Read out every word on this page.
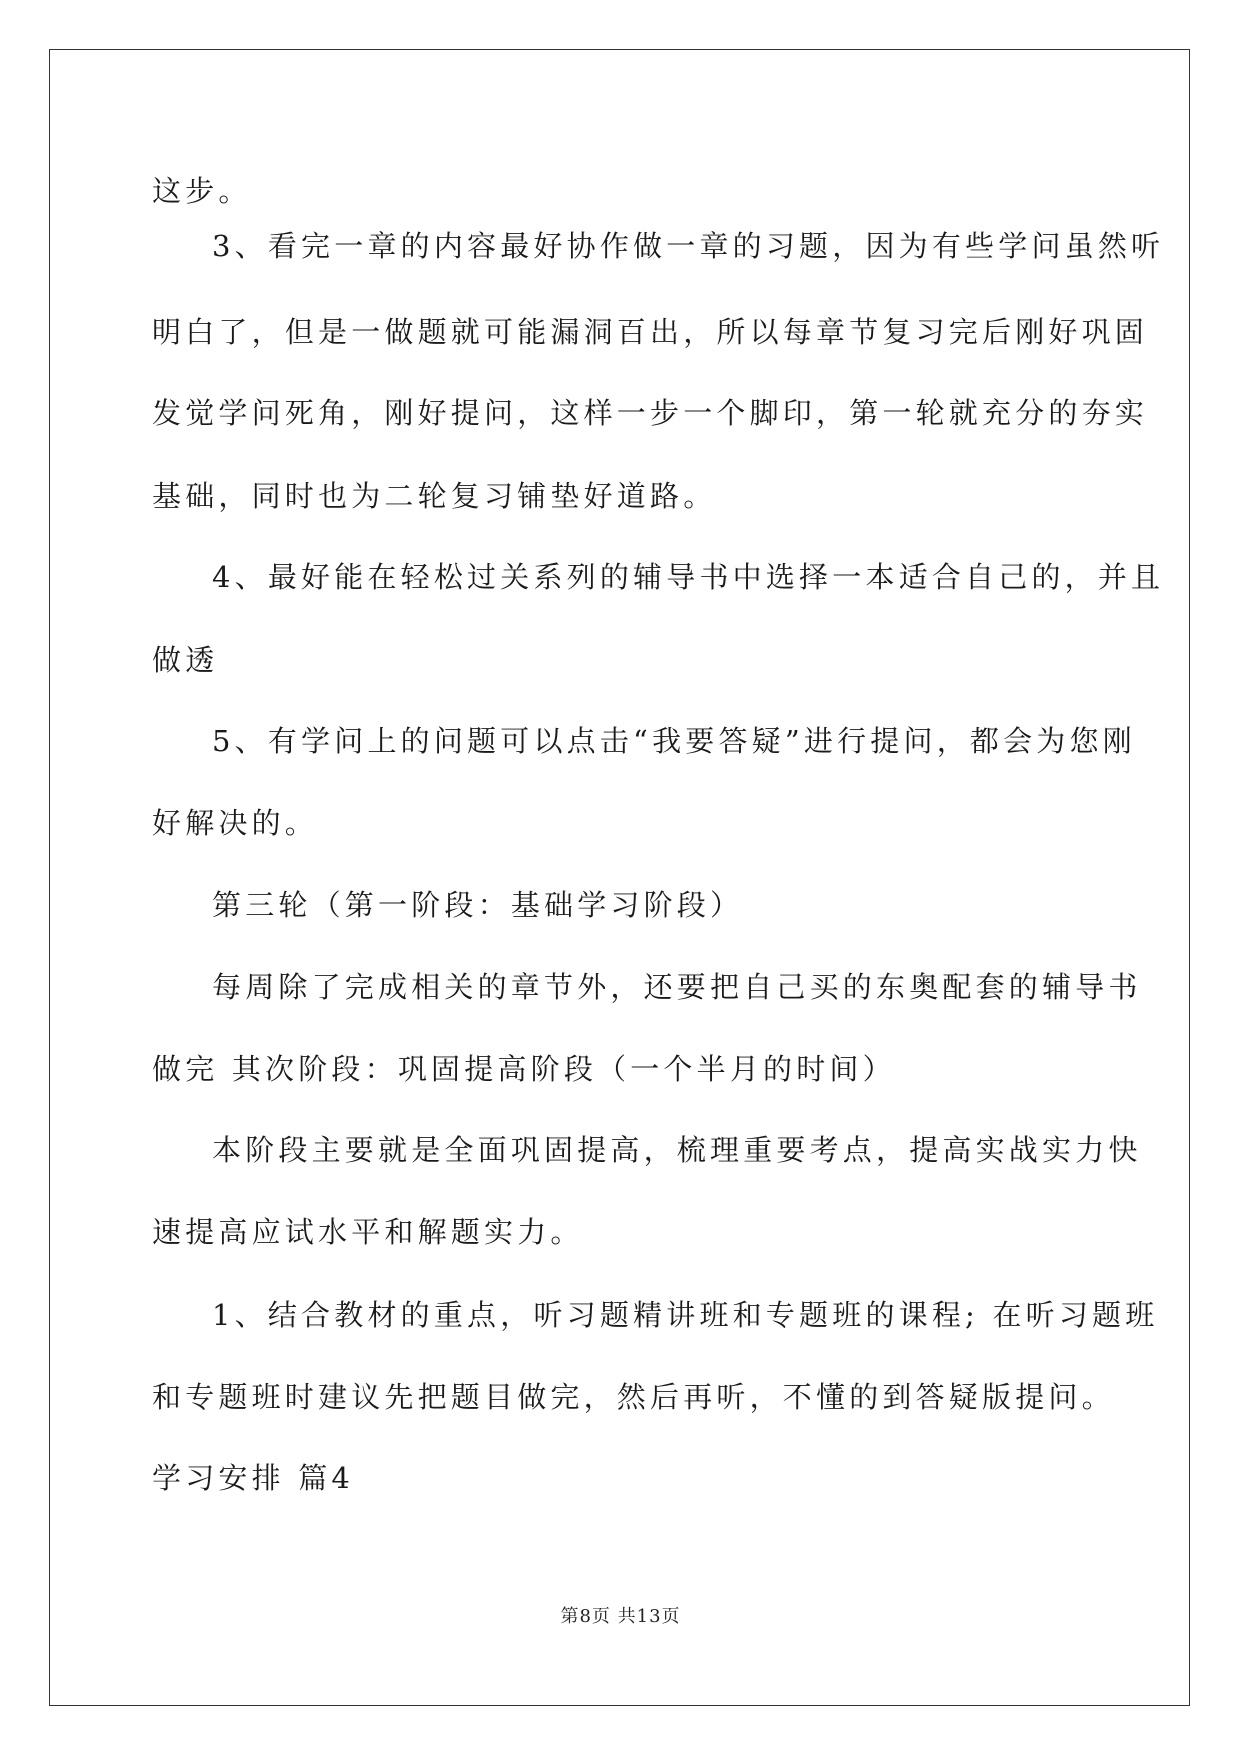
这步。
3、看完一章的内容最好协作做一章的习题，因为有些学问虽然听
明白了，但是一做题就可能漏洞百出，所以每章节复习完后刚好巩固
发觉学问死角，刚好提问，这样一步一个脚印，第一轮就充分的夯实
基础，同时也为二轮复习铺垫好道路。
4、最好能在轻松过关系列的辅导书中选择一本适合自己的，并且
做透
5、有学问上的问题可以点击“我要答疑”进行提问，都会为您刚
好解决的。
第三轮（第一阶段：基础学习阶段）
每周除了完成相关的章节外，还要把自己买的东奥配套的辅导书
做完 其次阶段：巩固提高阶段（一个半月的时间）
本阶段主要就是全面巩固提高，梳理重要考点，提高实战实力快
速提高应试水平和解题实力。
1、结合教材的重点，听习题精讲班和专题班的课程; 在听习题班
和专题班时建议先把题目做完，然后再听，不懂的到答疑版提问。
学习安排 篇4
第8页 共13页
